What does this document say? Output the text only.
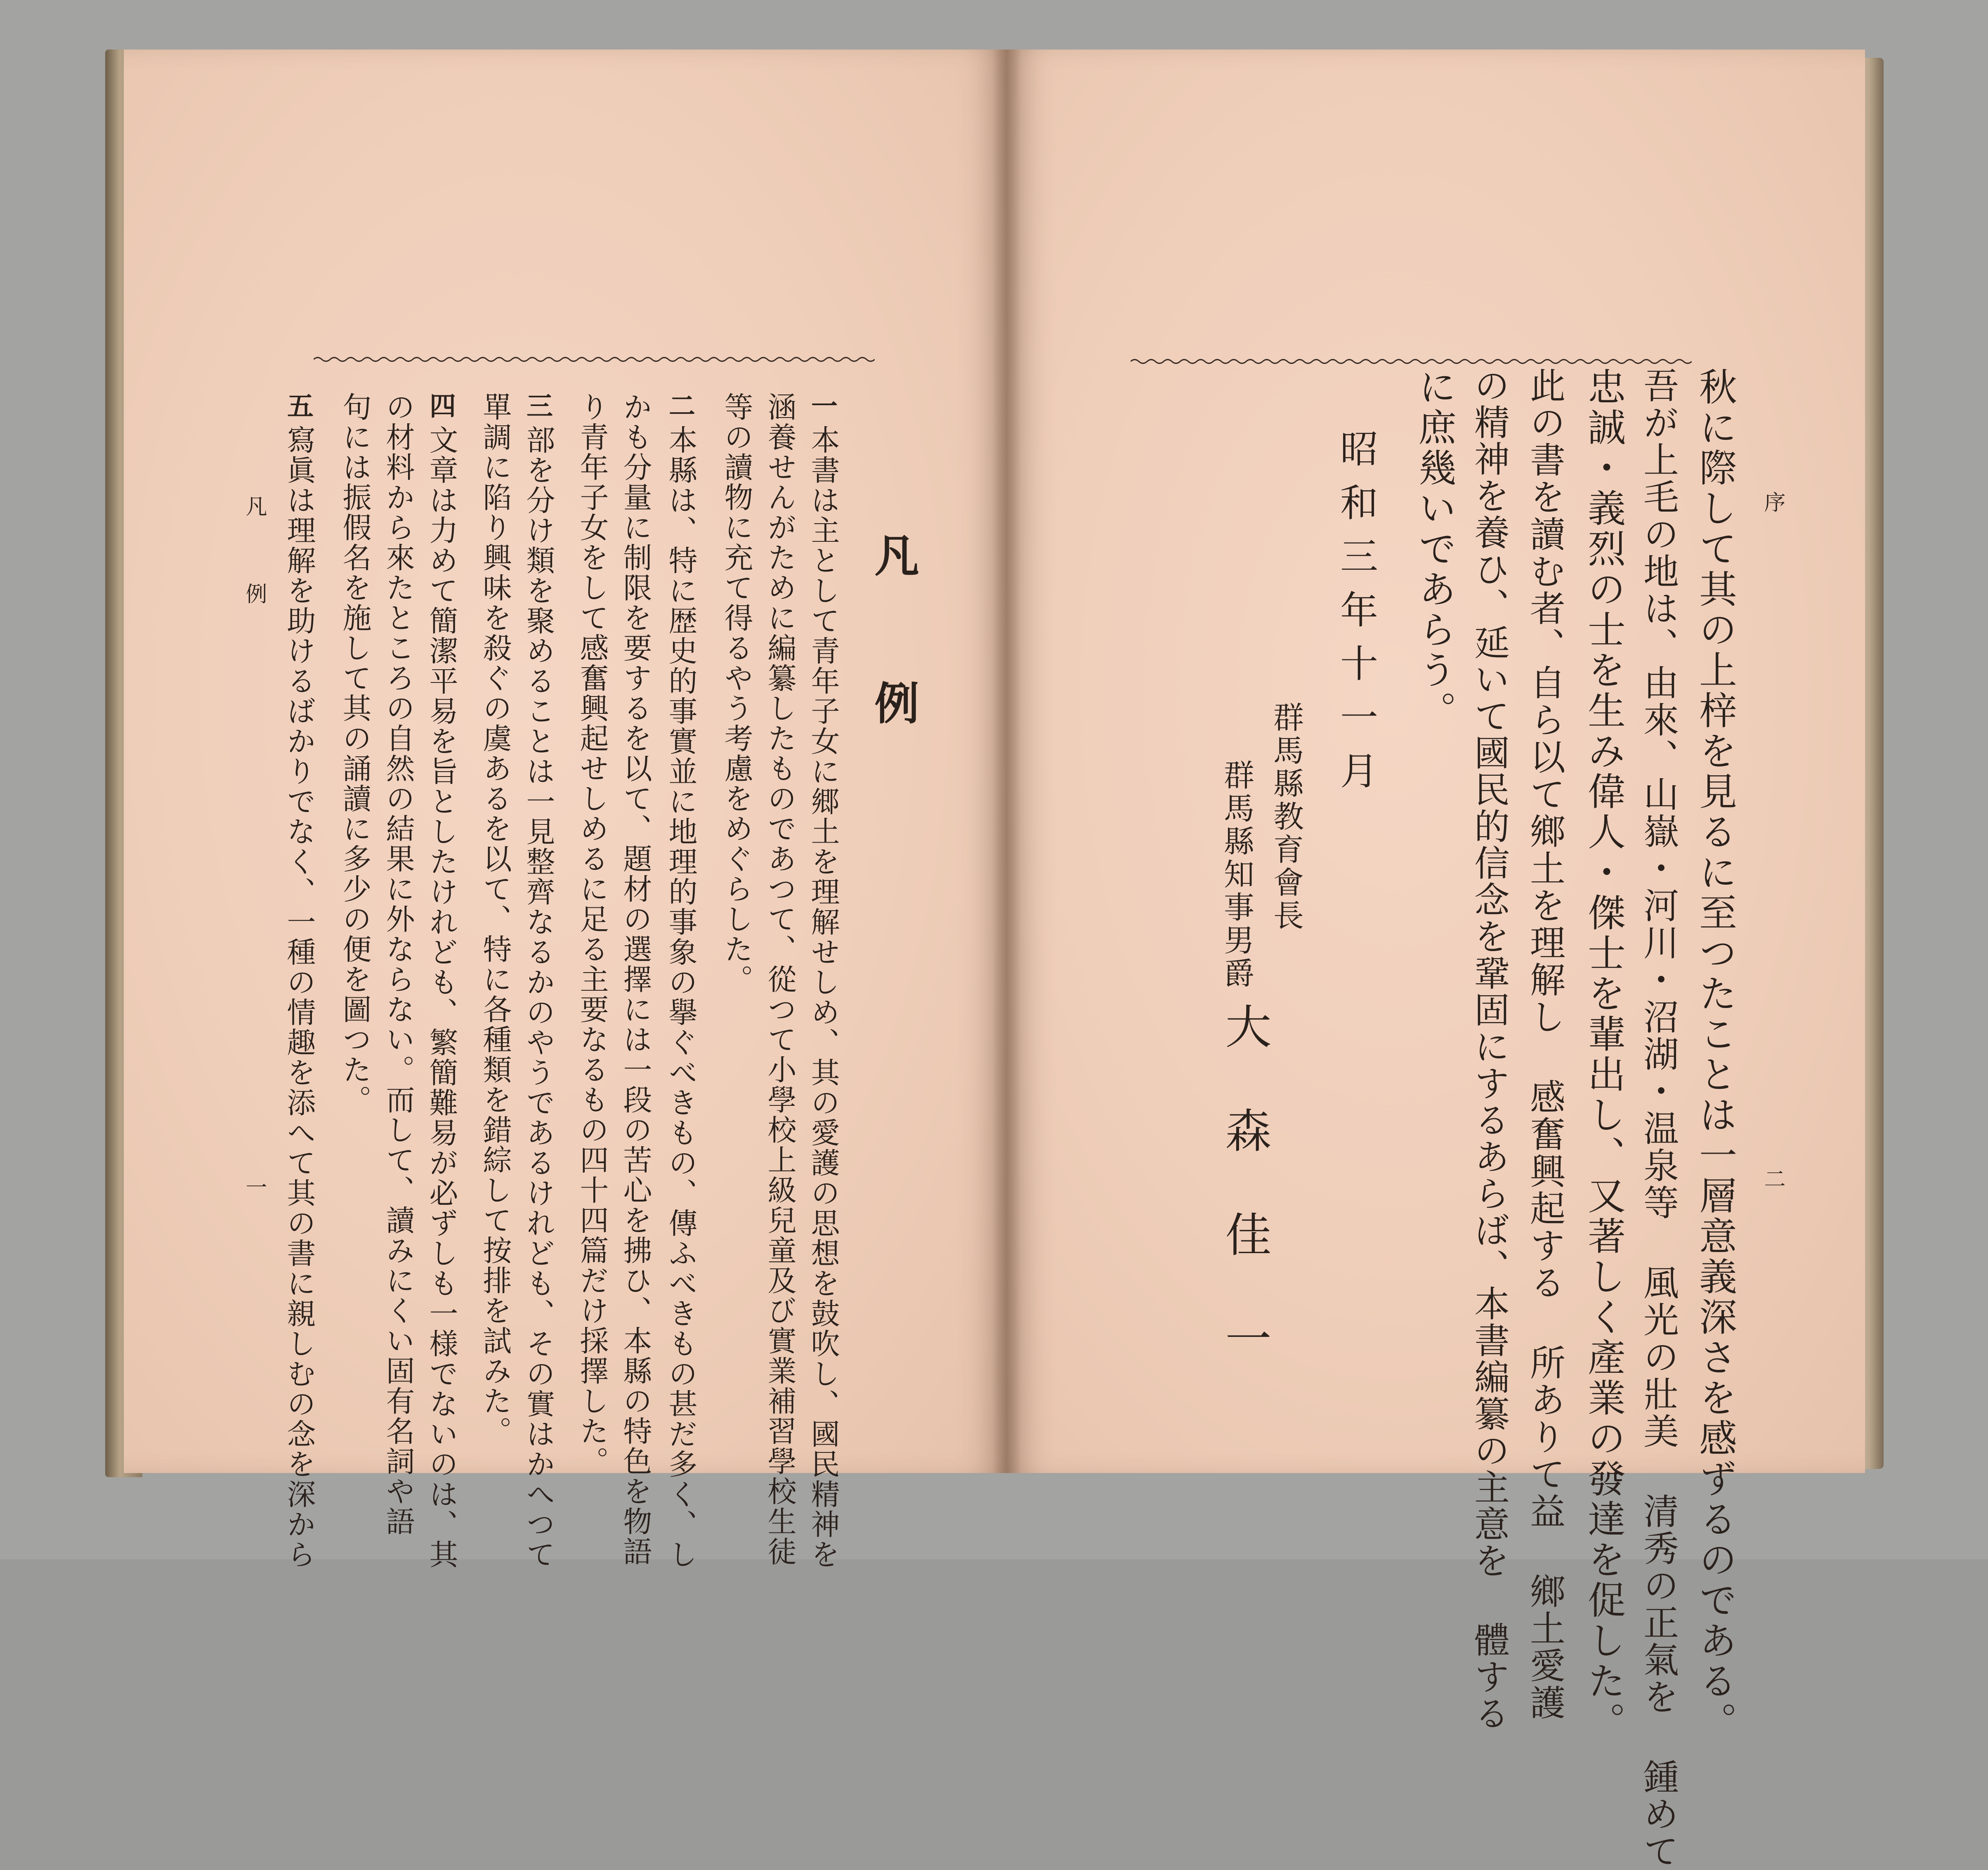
凡例
一
本書は主として青年子女に郷土を理解せしめ、其の愛護の思想を鼓吹し、國民精神を
涵養せんがために編纂したものであつて、從つて小學校上級兒童及び實業補習學校生徒
等の讀物に充て得るやう考慮をめぐらした。
二
本縣は、特に歴史的事實並に地理的事象の擧ぐべきもの、傳ふべきもの甚だ多く、し
かも分量に制限を要するを以て、題材の選擇には一段の苦心を拂ひ、本縣の特色を物語
り青年子女をして感奮興起せしめるに足る主要なるもの四十四篇だけ採擇した。
三
部を分け類を聚めることは一見整齊なるかのやうであるけれども、その實はかへつて
單調に陷り興味を殺ぐの虞あるを以て、特に各種類を錯綜して按排を試みた。
四
文章は力めて簡潔平易を旨としたけれども、繁簡難易が必ずしも一様でないのは、其
の材料から來たところの自然の結果に外ならない。而して、讀みにくい固有名詞や語
句には振假名を施して其の誦讀に多少の便を圖つた。
五
寫眞は理解を助けるばかりでなく、一種の情趣を添へて其の書に親しむの念を深から
凡例
一
序
二
秋に際して其の上梓を見るに至つたことは一層意義深さを感ずるのである。
吾が上毛の地は、由來、山嶽・河川・沼湖・温泉等 風光の壯美 清秀の正氣を 鍾めて
忠誠・義烈の士を生み偉人・傑士を輩出し、又著しく產業の發達を促した。
此の書を讀む者、自ら以て鄉土を理解し 感奮興起する 所ありて益 鄉土愛護
の精神を養ひ、延いて國民的信念を鞏固にするあらば、本書編纂の主意を 體する
に庶幾いであらう。
昭和三年十一月
群馬縣教育會長
群馬縣知事男爵
大森佳一
